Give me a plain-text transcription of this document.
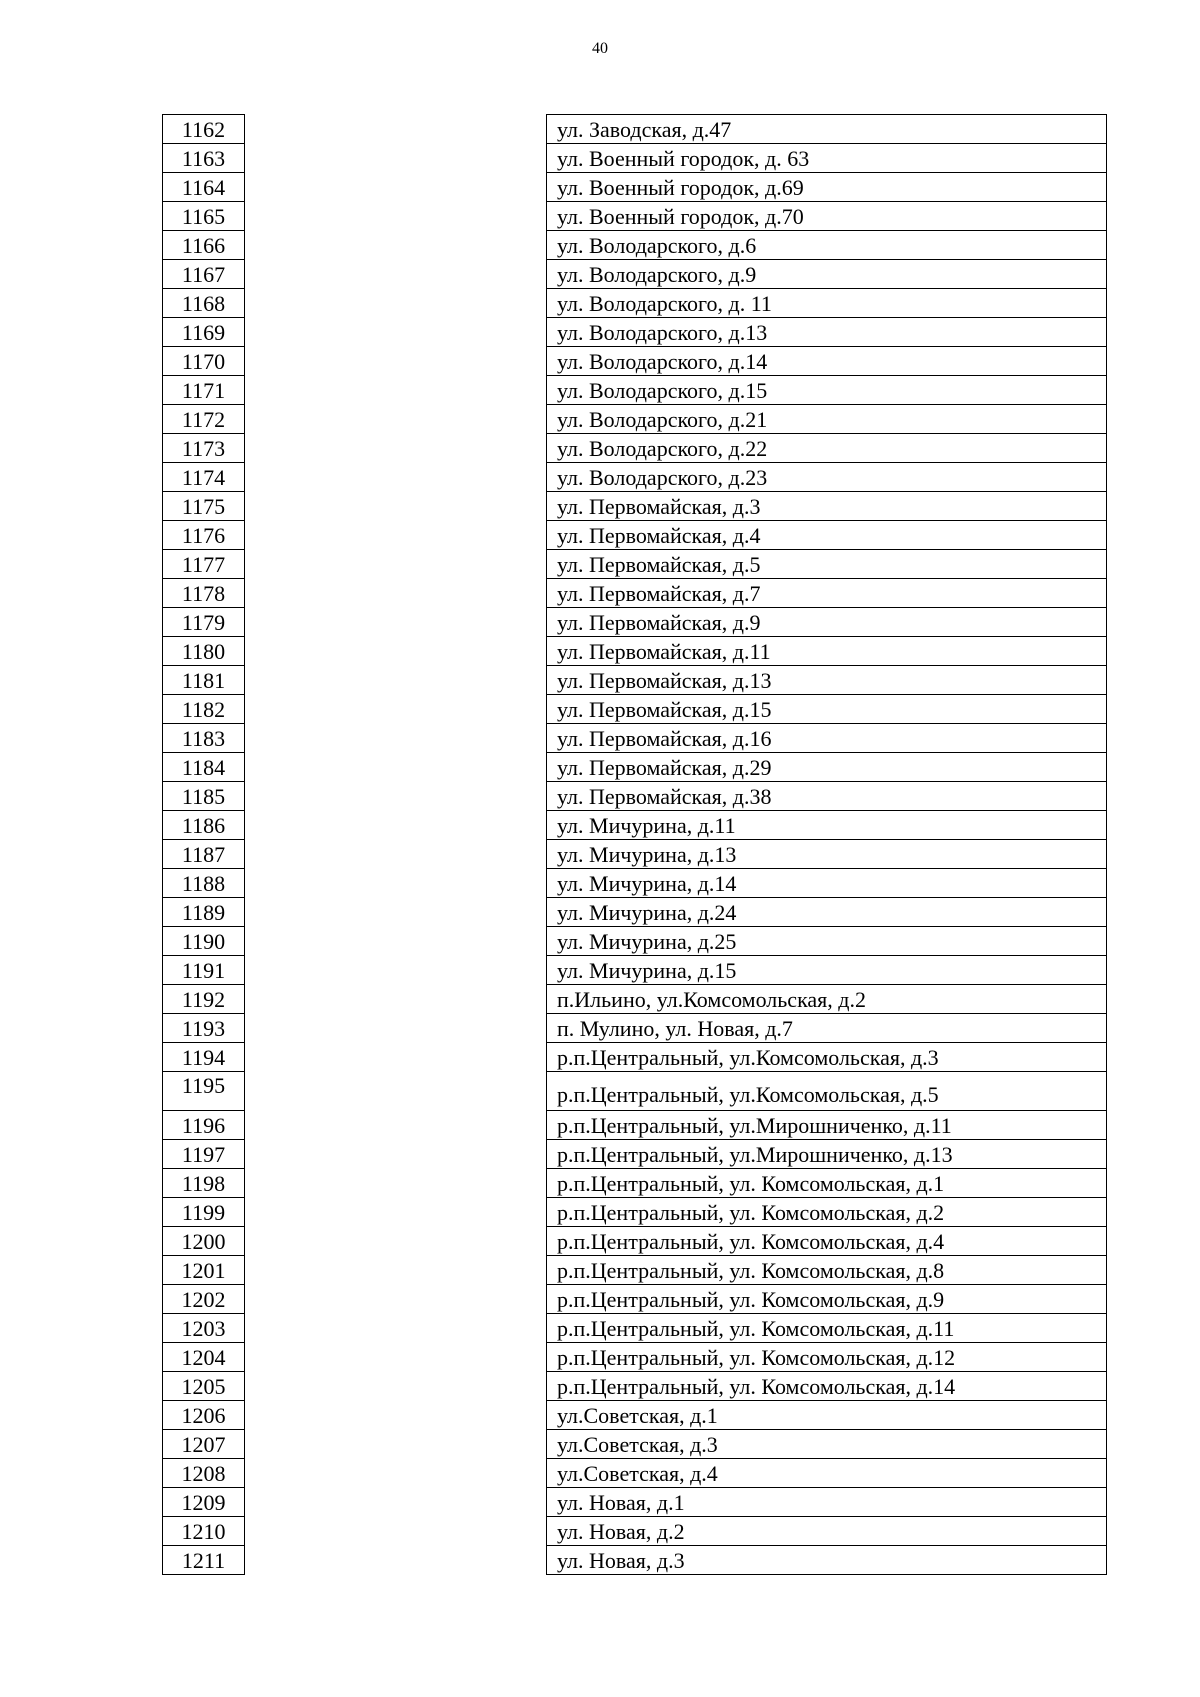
40
1162		ул. Заводская, д.47
1163		ул. Военный городок, д. 63
1164		ул. Военный городок, д.69
1165		ул. Военный городок, д.70
1166		ул. Володарского, д.6
1167		ул. Володарского, д.9
1168		ул. Володарского, д. 11
1169		ул. Володарского, д.13
1170		ул. Володарского, д.14
1171		ул. Володарского, д.15
1172		ул. Володарского, д.21
1173		ул. Володарского, д.22
1174		ул. Володарского, д.23
1175		ул. Первомайская, д.3
1176		ул. Первомайская, д.4
1177		ул. Первомайская, д.5
1178		ул. Первомайская, д.7
1179		ул. Первомайская, д.9
1180		ул. Первомайская, д.11
1181		ул. Первомайская, д.13
1182		ул. Первомайская, д.15
1183		ул. Первомайская, д.16
1184		ул. Первомайская, д.29
1185		ул. Первомайская, д.38
1186		ул. Мичурина, д.11
1187		ул. Мичурина, д.13
1188		ул. Мичурина, д.14
1189		ул. Мичурина, д.24
1190		ул. Мичурина, д.25
1191		ул. Мичурина, д.15
1192		п.Ильино, ул.Комсомольская, д.2
1193		п. Мулино, ул. Новая, д.7
1194		р.п.Центральный, ул.Комсомольская, д.3
1195		р.п.Центральный, ул.Комсомольская, д.5
1196		р.п.Центральный, ул.Мирошниченко, д.11
1197		р.п.Центральный, ул.Мирошниченко, д.13
1198		р.п.Центральный, ул. Комсомольская, д.1
1199		р.п.Центральный, ул. Комсомольская, д.2
1200		р.п.Центральный, ул. Комсомольская, д.4
1201		р.п.Центральный, ул. Комсомольская, д.8
1202		р.п.Центральный, ул. Комсомольская, д.9
1203		р.п.Центральный, ул. Комсомольская, д.11
1204		р.п.Центральный, ул. Комсомольская, д.12
1205		р.п.Центральный, ул. Комсомольская, д.14
1206		ул.Советская, д.1
1207		ул.Советская, д.3
1208		ул.Советская, д.4
1209		ул. Новая, д.1
1210		ул. Новая, д.2
1211		ул. Новая, д.3
